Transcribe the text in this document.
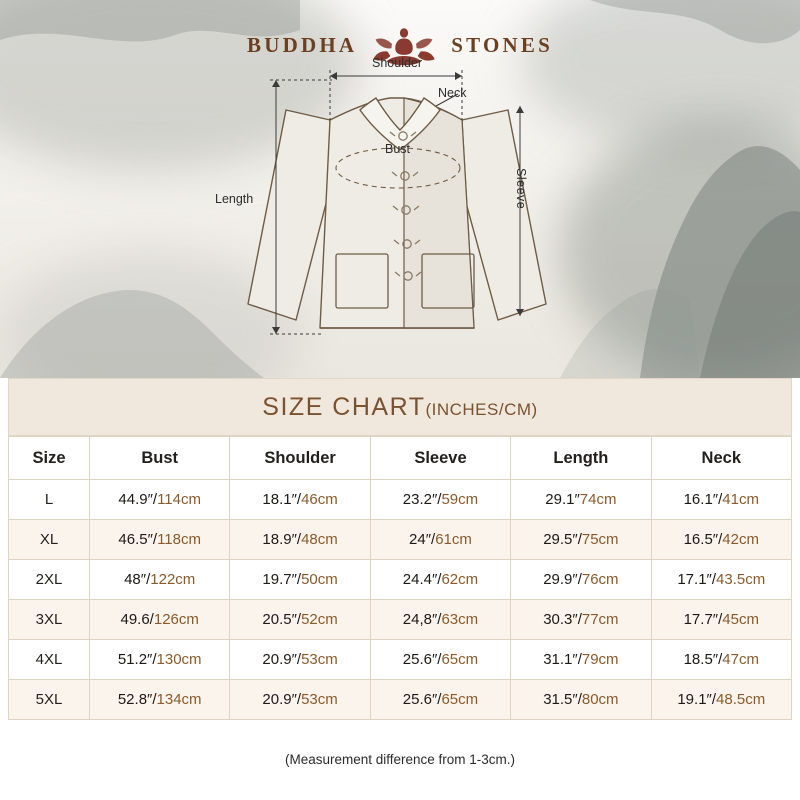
BUDDHA	STONES
Shoulder
Neck
Bust
Length	Sleeve
SIZE CHART(INCHES/CM)
Size	Bust	Shoulder	Sleeve	Length	Neck
L	44.9″/114cm	18.1″/46cm	23.2″/59cm	29.1″74cm	16.1″/41cm
XL	46.5″/118cm	18.9″/48cm	24″/61cm	29.5″/75cm	16.5″/42cm
2XL	48″/122cm	19.7″/50cm	24.4″/62cm	29.9″/76cm	17.1″/43.5cm
3XL	49.6/126cm	20.5″/52cm	24,8″/63cm	30.3″/77cm	17.7″/45cm
4XL	51.2″/130cm	20.9″/53cm	25.6″/65cm	31.1″/79cm	18.5″/47cm
5XL	52.8″/134cm	20.9″/53cm	25.6″/65cm	31.5″/80cm	19.1″/48.5cm
(Measurement difference from 1-3cm.)
